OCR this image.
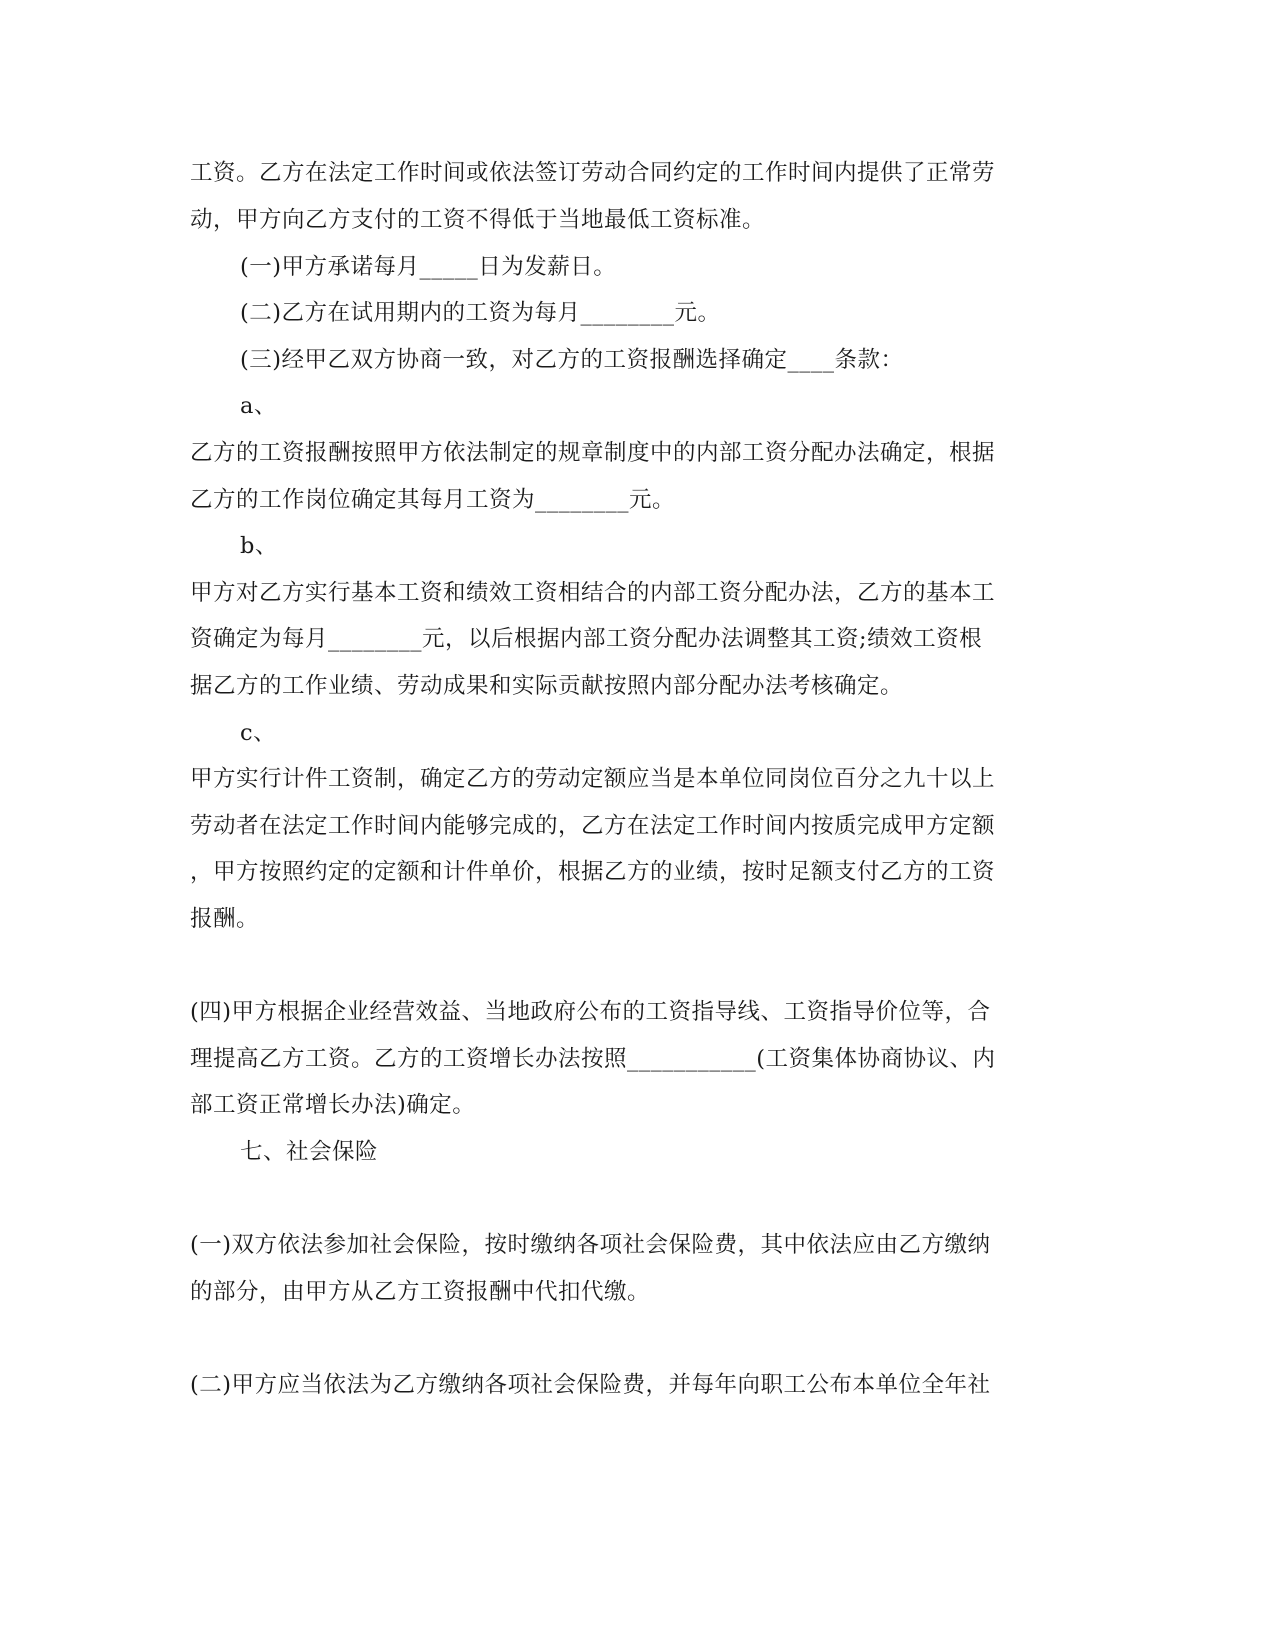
工资。乙方在法定工作时间或依法签订劳动合同约定的工作时间内提供了正常劳
动，甲方向乙方支付的工资不得低于当地最低工资标准。
(一)甲方承诺每月_____日为发薪日。
(二)乙方在试用期内的工资为每月________元。
(三)经甲乙双方协商一致，对乙方的工资报酬选择确定____条款：
a、
乙方的工资报酬按照甲方依法制定的规章制度中的内部工资分配办法确定，根据
乙方的工作岗位确定其每月工资为________元。
b、
甲方对乙方实行基本工资和绩效工资相结合的内部工资分配办法，乙方的基本工
资确定为每月________元，以后根据内部工资分配办法调整其工资;绩效工资根
据乙方的工作业绩、劳动成果和实际贡献按照内部分配办法考核确定。
c、
甲方实行计件工资制，确定乙方的劳动定额应当是本单位同岗位百分之九十以上
劳动者在法定工作时间内能够完成的，乙方在法定工作时间内按质完成甲方定额
，甲方按照约定的定额和计件单价，根据乙方的业绩，按时足额支付乙方的工资
报酬。
(四)甲方根据企业经营效益、当地政府公布的工资指导线、工资指导价位等，合
理提高乙方工资。乙方的工资增长办法按照___________(工资集体协商协议、内
部工资正常增长办法)确定。
七、社会保险
(一)双方依法参加社会保险，按时缴纳各项社会保险费，其中依法应由乙方缴纳
的部分，由甲方从乙方工资报酬中代扣代缴。
(二)甲方应当依法为乙方缴纳各项社会保险费，并每年向职工公布本单位全年社
